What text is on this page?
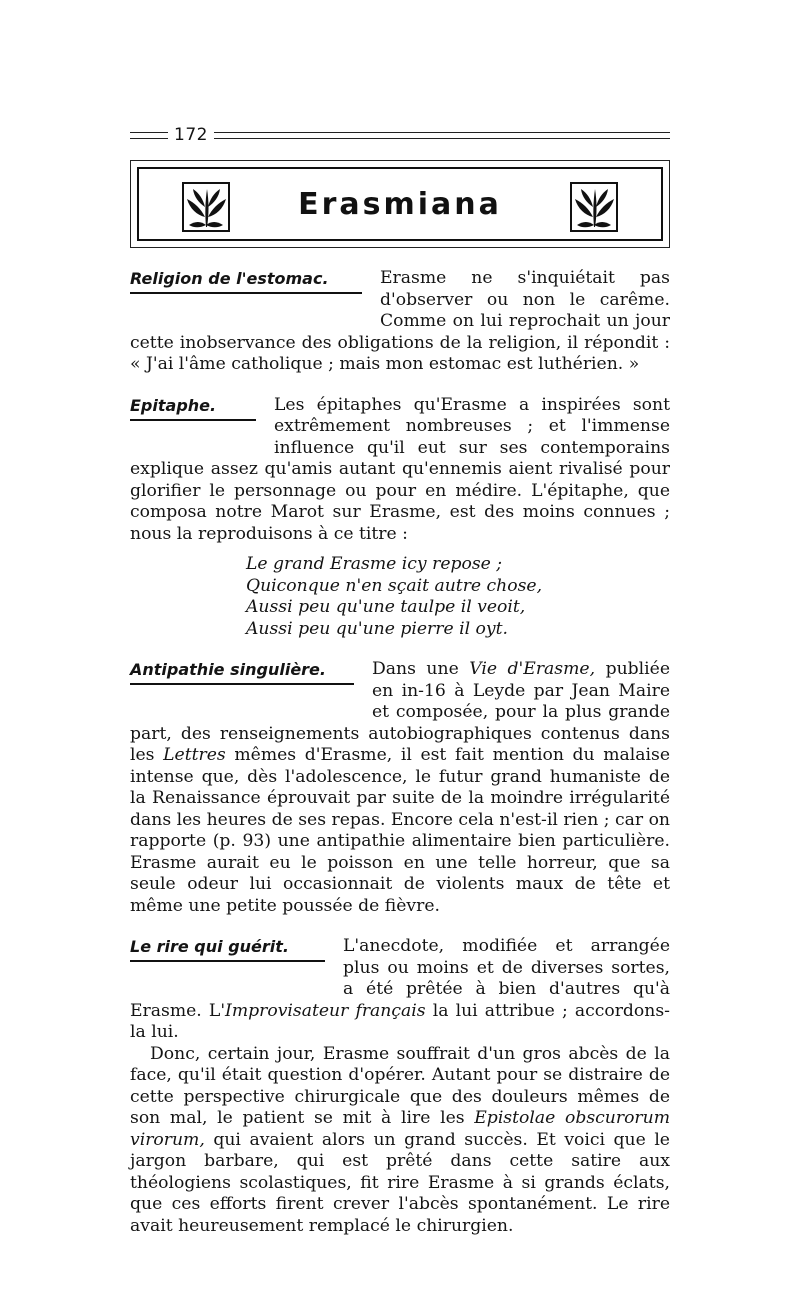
172
Erasmiana

Religion de l'estomac.	Erasme ne s'inquiétait pas d'observer ou non le carême. Comme on lui reprochait un jour cette inobservance des obligations de la religion, il répondit : « J'ai l'âme catholique ; mais mon estomac est luthérien. »

Epitaphe.	Les épitaphes qu'Erasme a inspirées sont extrêmement nombreuses ; et l'immense influence qu'il eut sur ses contemporains explique assez qu'amis autant qu'ennemis aient rivalisé pour glorifier le personnage ou pour en médire. L'épitaphe, que composa notre Marot sur Erasme, est des moins connues ; nous la reproduisons à ce titre :

Le grand Erasme icy repose ;
Quiconque n'en sçait autre chose,
Aussi peu qu'une taulpe il veoit,
Aussi peu qu'une pierre il oyt.

Antipathie singulière.	Dans une Vie d'Erasme, publiée en in-16 à Leyde par Jean Maire et composée, pour la plus grande part, des renseignements autobiographiques contenus dans les Lettres mêmes d'Erasme, il est fait mention du malaise intense que, dès l'adolescence, le futur grand humaniste de la Renaissance éprouvait par suite de la moindre irrégularité dans les heures de ses repas. Encore cela n'est-il rien ; car on rapporte (p. 93) une antipathie alimentaire bien particulière. Erasme aurait eu le poisson en une telle horreur, que sa seule odeur lui occasionnait de violents maux de tête et même une petite poussée de fièvre.

Le rire qui guérit.	L'anecdote, modifiée et arrangée plus ou moins et de diverses sortes, a été prêtée à bien d'autres qu'à Erasme. L'Improvisateur français la lui attribue ; accordons-la lui.

Donc, certain jour, Erasme souffrait d'un gros abcès de la face, qu'il était question d'opérer. Autant pour se distraire de cette perspective chirurgicale que des douleurs mêmes de son mal, le patient se mit à lire les Epistolae obscurorum virorum, qui avaient alors un grand succès. Et voici que le jargon barbare, qui est prêté dans cette satire aux théologiens scolastiques, fit rire Erasme à si grands éclats, que ces efforts firent crever l'abcès spontanément. Le rire avait heureusement remplacé le chirurgien.
